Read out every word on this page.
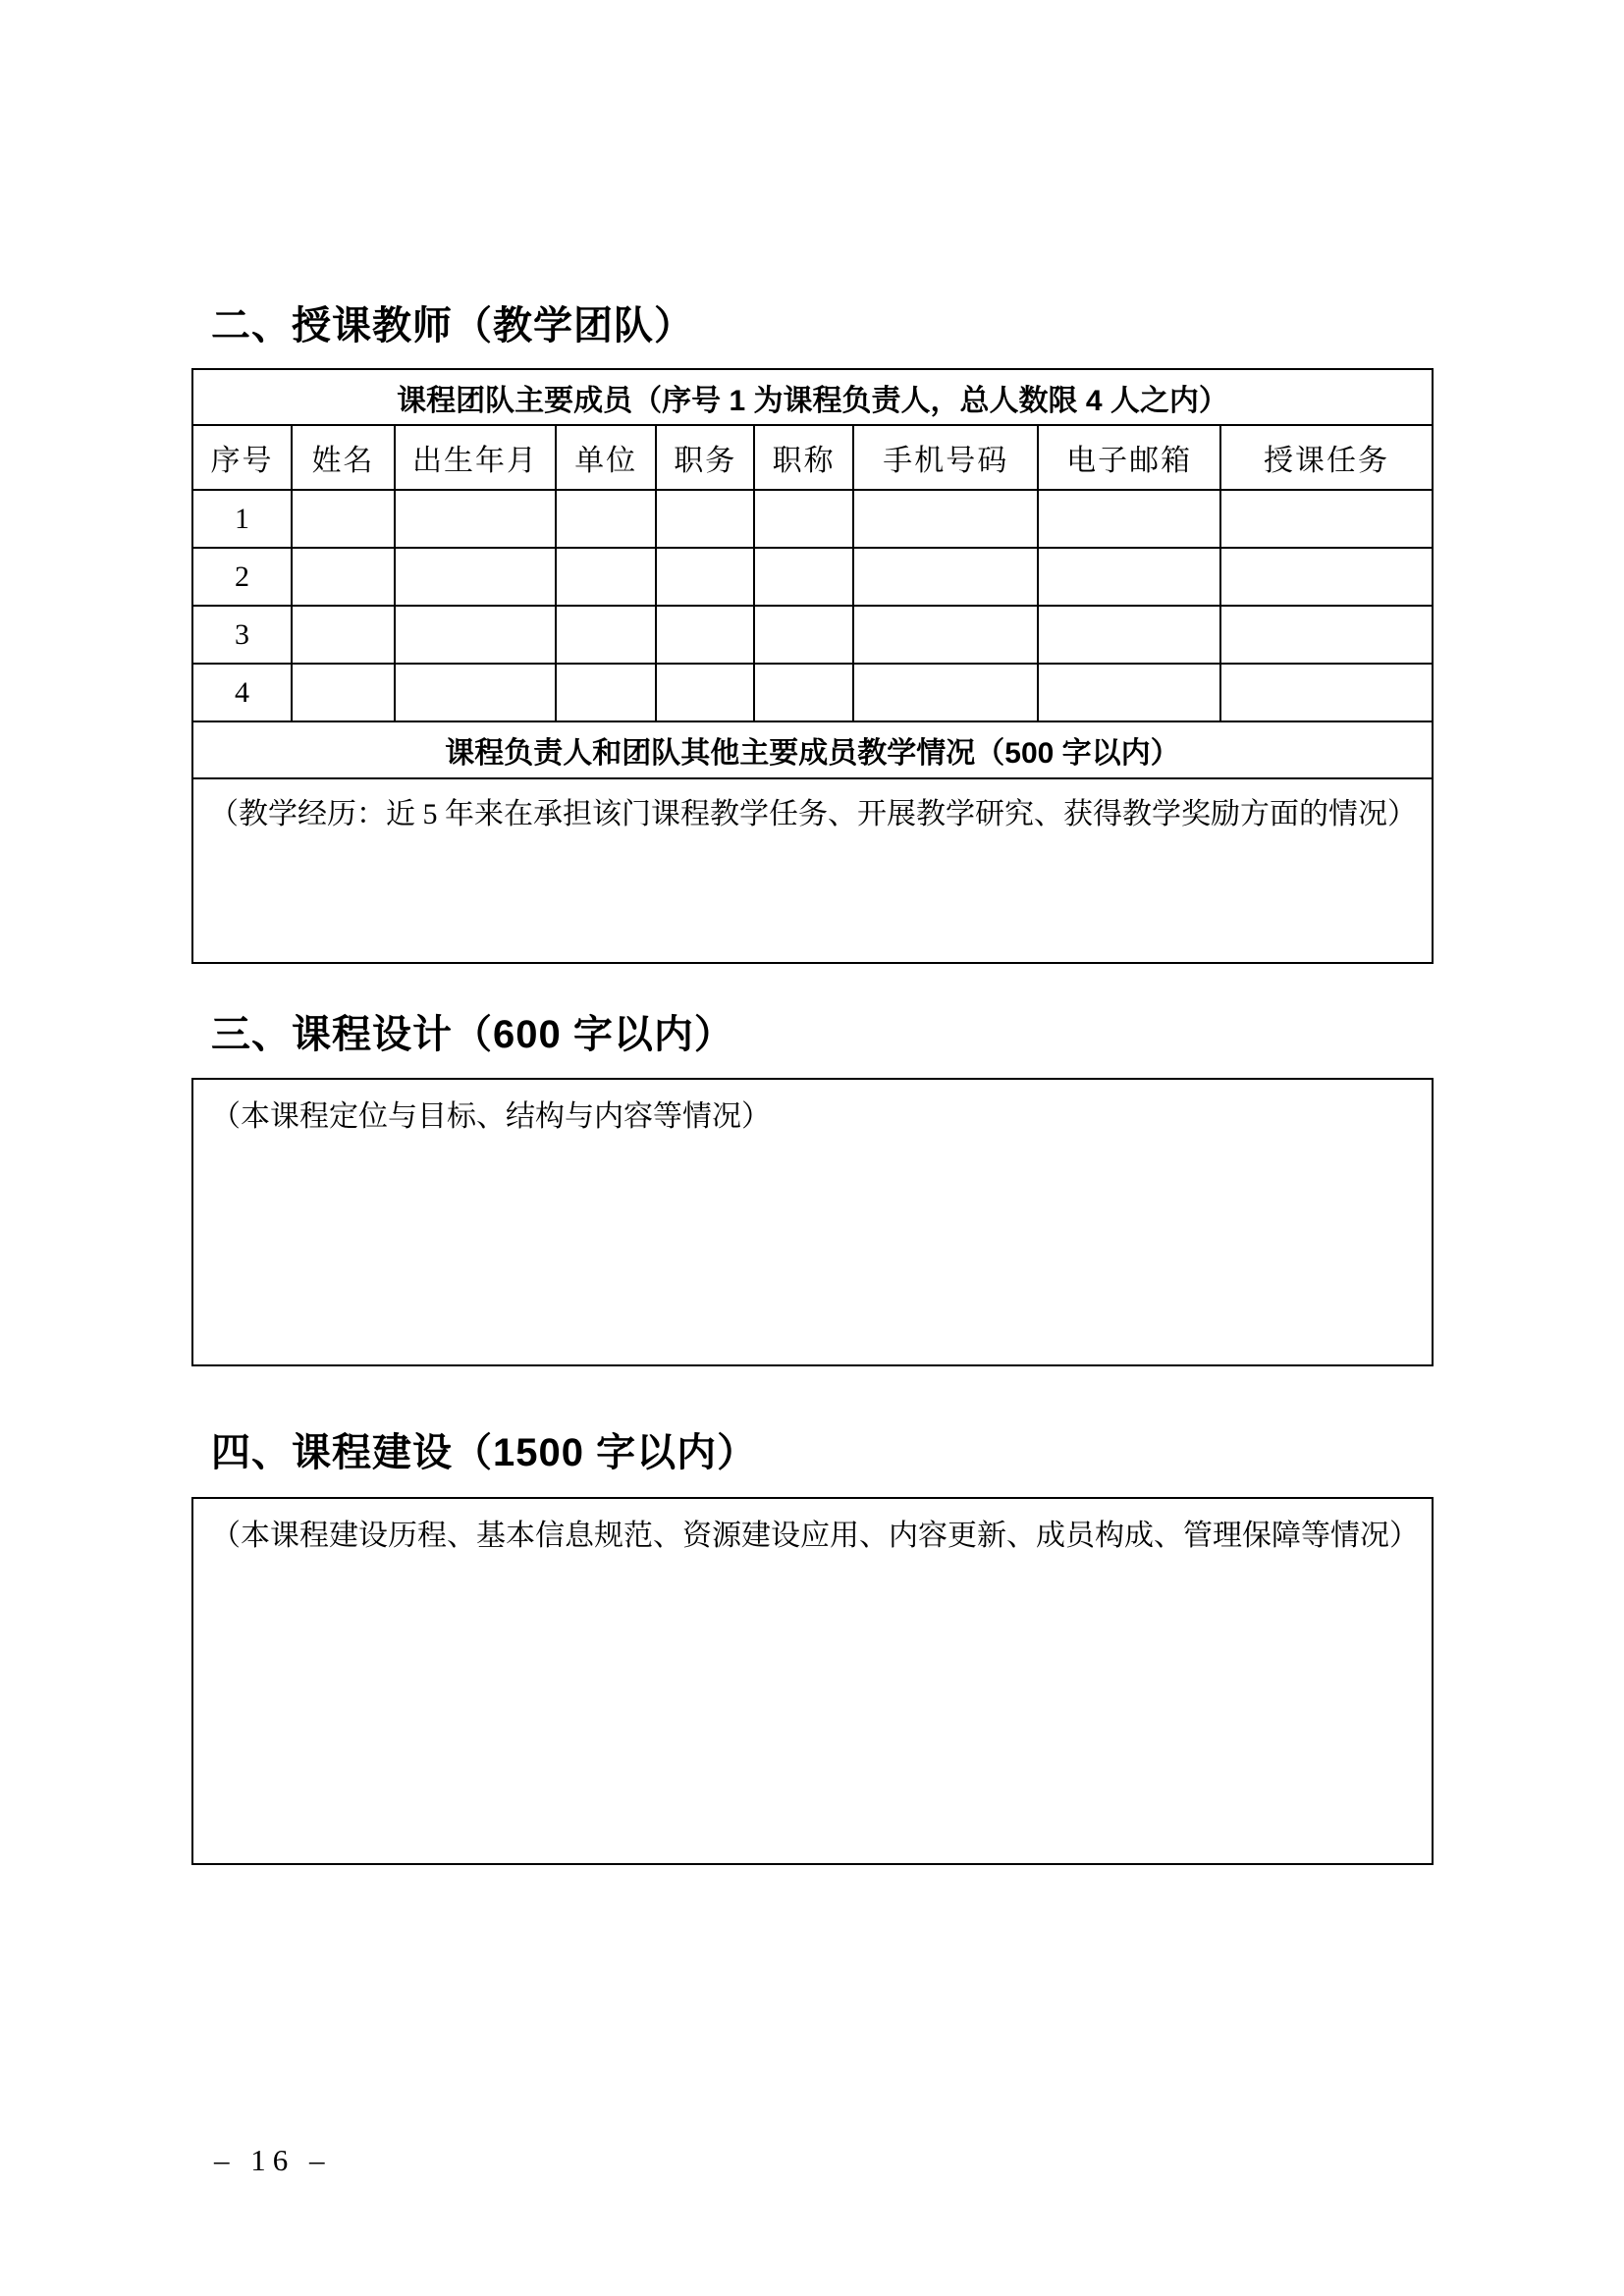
二、授课教师（教学团队）
课程团队主要成员（序号 1 为课程负责人，总人数限 4 人之内）								
序号	姓名	出生年月	单位	职务	职称	手机号码	电子邮箱	授课任务
1								
2								
3								
4								
课程负责人和团队其他主要成员教学情况（500 字以内）								

（教学经历：近 5 年来在承担该门课程教学任务、开展教学研究、获得教学奖励方面的情况）								

三、课程设计（600 字以内）

（本课程定位与目标、结构与内容等情况）

四、课程建设（1500 字以内）

（本课程建设历程、基本信息规范、资源建设应用、内容更新、成员构成、管理保障等情况）

– 16 –
